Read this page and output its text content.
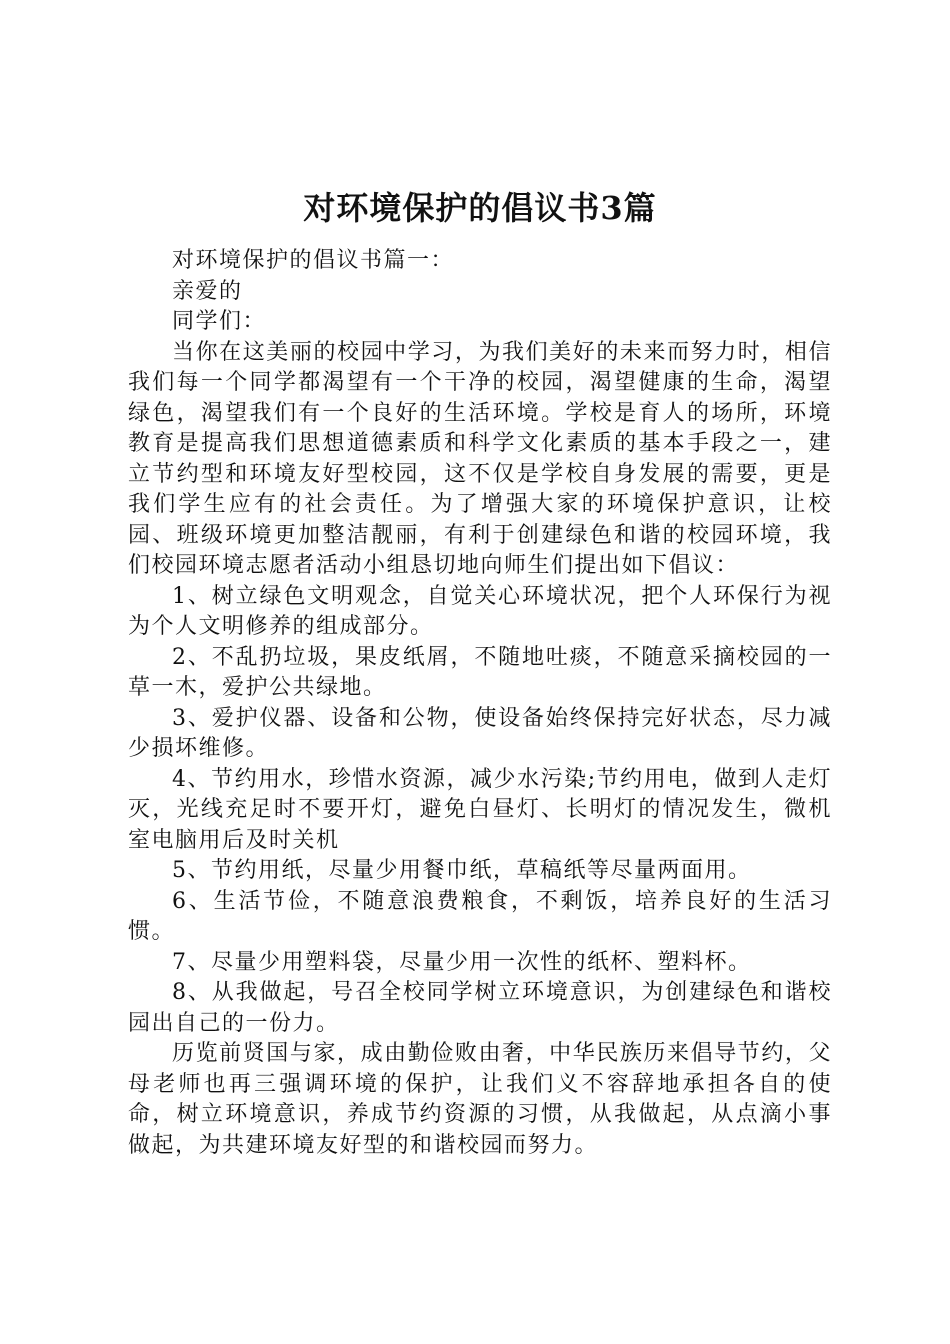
对环境保护的倡议书3篇

对环境保护的倡议书篇一：

亲爱的

同学们：

当你在这美丽的校园中学习，为我们美好的未来而努力时，相信我们每一个同学都渴望有一个干净的校园，渴望健康的生命，渴望绿色，渴望我们有一个良好的生活环境。学校是育人的场所，环境教育是提高我们思想道德素质和科学文化素质的基本手段之一，建立节约型和环境友好型校园，这不仅是学校自身发展的需要，更是我们学生应有的社会责任。为了增强大家的环境保护意识，让校园、班级环境更加整洁靓丽，有利于创建绿色和谐的校园环境，我们校园环境志愿者活动小组恳切地向师生们提出如下倡议：

1、树立绿色文明观念，自觉关心环境状况，把个人环保行为视为个人文明修养的组成部分。

2、不乱扔垃圾，果皮纸屑，不随地吐痰，不随意采摘校园的一草一木，爱护公共绿地。

3、爱护仪器、设备和公物，使设备始终保持完好状态，尽力减少损坏维修。

4、节约用水，珍惜水资源，减少水污染;节约用电，做到人走灯灭，光线充足时不要开灯，避免白昼灯、长明灯的情况发生，微机室电脑用后及时关机

5、节约用纸，尽量少用餐巾纸，草稿纸等尽量两面用。

6、生活节俭，不随意浪费粮食，不剩饭，培养良好的生活习惯。

7、尽量少用塑料袋，尽量少用一次性的纸杯、塑料杯。

8、从我做起，号召全校同学树立环境意识，为创建绿色和谐校园出自己的一份力。

历览前贤国与家，成由勤俭败由奢，中华民族历来倡导节约，父母老师也再三强调环境的保护，让我们义不容辞地承担各自的使命，树立环境意识，养成节约资源的习惯，从我做起，从点滴小事做起，为共建环境友好型的和谐校园而努力。
